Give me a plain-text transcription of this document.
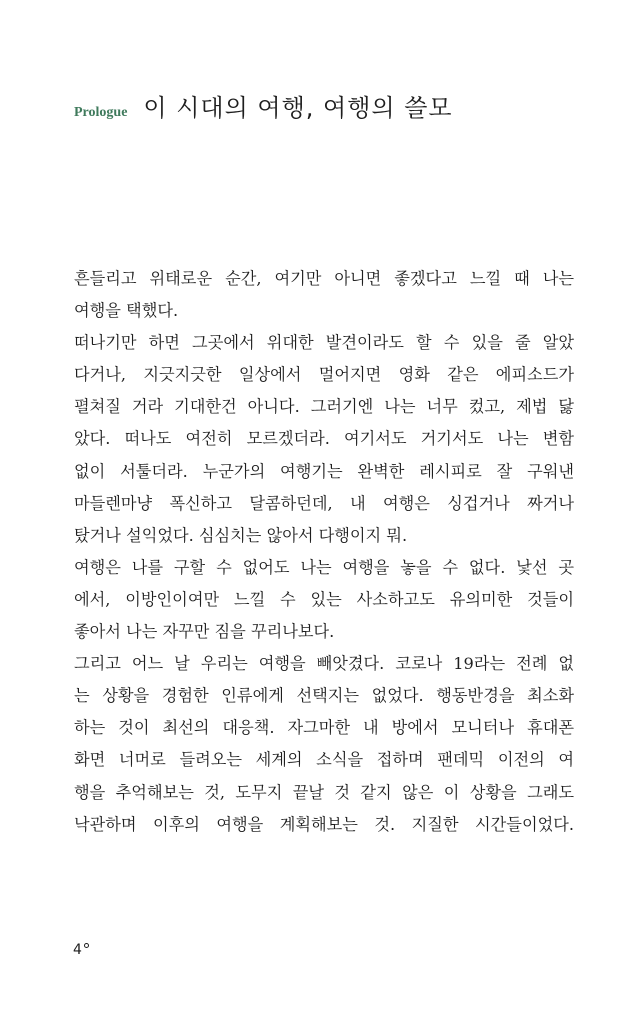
Prologue 이 시대의 여행, 여행의 쓸모
흔들리고 위태로운 순간, 여기만 아니면 좋겠다고 느낄 때 나는
여행을 택했다.
떠나기만 하면 그곳에서 위대한 발견이라도 할 수 있을 줄 알았
다거나, 지긋지긋한 일상에서 멀어지면 영화 같은 에피소드가
펼쳐질 거라 기대한건 아니다. 그러기엔 나는 너무 컸고, 제법 닳
았다. 떠나도 여전히 모르겠더라. 여기서도 거기서도 나는 변함
없이 서툴더라. 누군가의 여행기는 완벽한 레시피로 잘 구워낸
마들렌마냥 폭신하고 달콤하던데, 내 여행은 싱겁거나 짜거나
탔거나 설익었다. 심심치는 않아서 다행이지 뭐.
여행은 나를 구할 수 없어도 나는 여행을 놓을 수 없다. 낯선 곳
에서, 이방인이여만 느낄 수 있는 사소하고도 유의미한 것들이
좋아서 나는 자꾸만 짐을 꾸리나보다.
그리고 어느 날 우리는 여행을 빼앗겼다. 코로나 19라는 전례 없
는 상황을 경험한 인류에게 선택지는 없었다. 행동반경을 최소화
하는 것이 최선의 대응책. 자그마한 내 방에서 모니터나 휴대폰
화면 너머로 들려오는 세계의 소식을 접하며 팬데믹 이전의 여
행을 추억해보는 것, 도무지 끝날 것 같지 않은 이 상황을 그래도
낙관하며 이후의 여행을 계획해보는 것. 지질한 시간들이었다.
4
